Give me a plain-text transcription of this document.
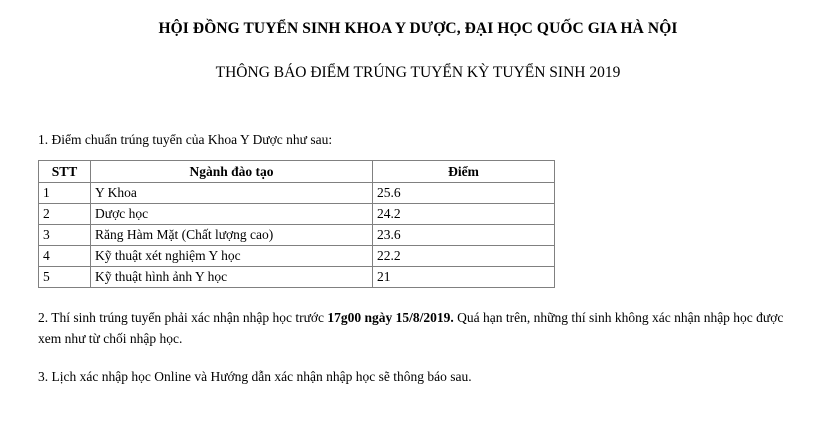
HỘI ĐỒNG TUYỂN SINH KHOA Y DƯỢC, ĐẠI HỌC QUỐC GIA HÀ NỘI
THÔNG BÁO ĐIỂM TRÚNG TUYỂN KỲ TUYỂN SINH 2019
1. Điểm chuẩn trúng tuyển của Khoa Y Dược như sau:
STT	Ngành đào tạo	Điểm
1	Y Khoa	25.6
2	Dược học	24.2
3	Răng Hàm Mặt (Chất lượng cao)	23.6
4	Kỹ thuật xét nghiệm Y học	22.2
5	Kỹ thuật hình ảnh Y học	21
2. Thí sinh trúng tuyển phải xác nhận nhập học trước 17g00 ngày 15/8/2019. Quá hạn trên, những thí sinh không xác nhận nhập học được xem như từ chối nhập học.
3. Lịch xác nhập học Online và Hướng dẫn xác nhận nhập học sẽ thông báo sau.
